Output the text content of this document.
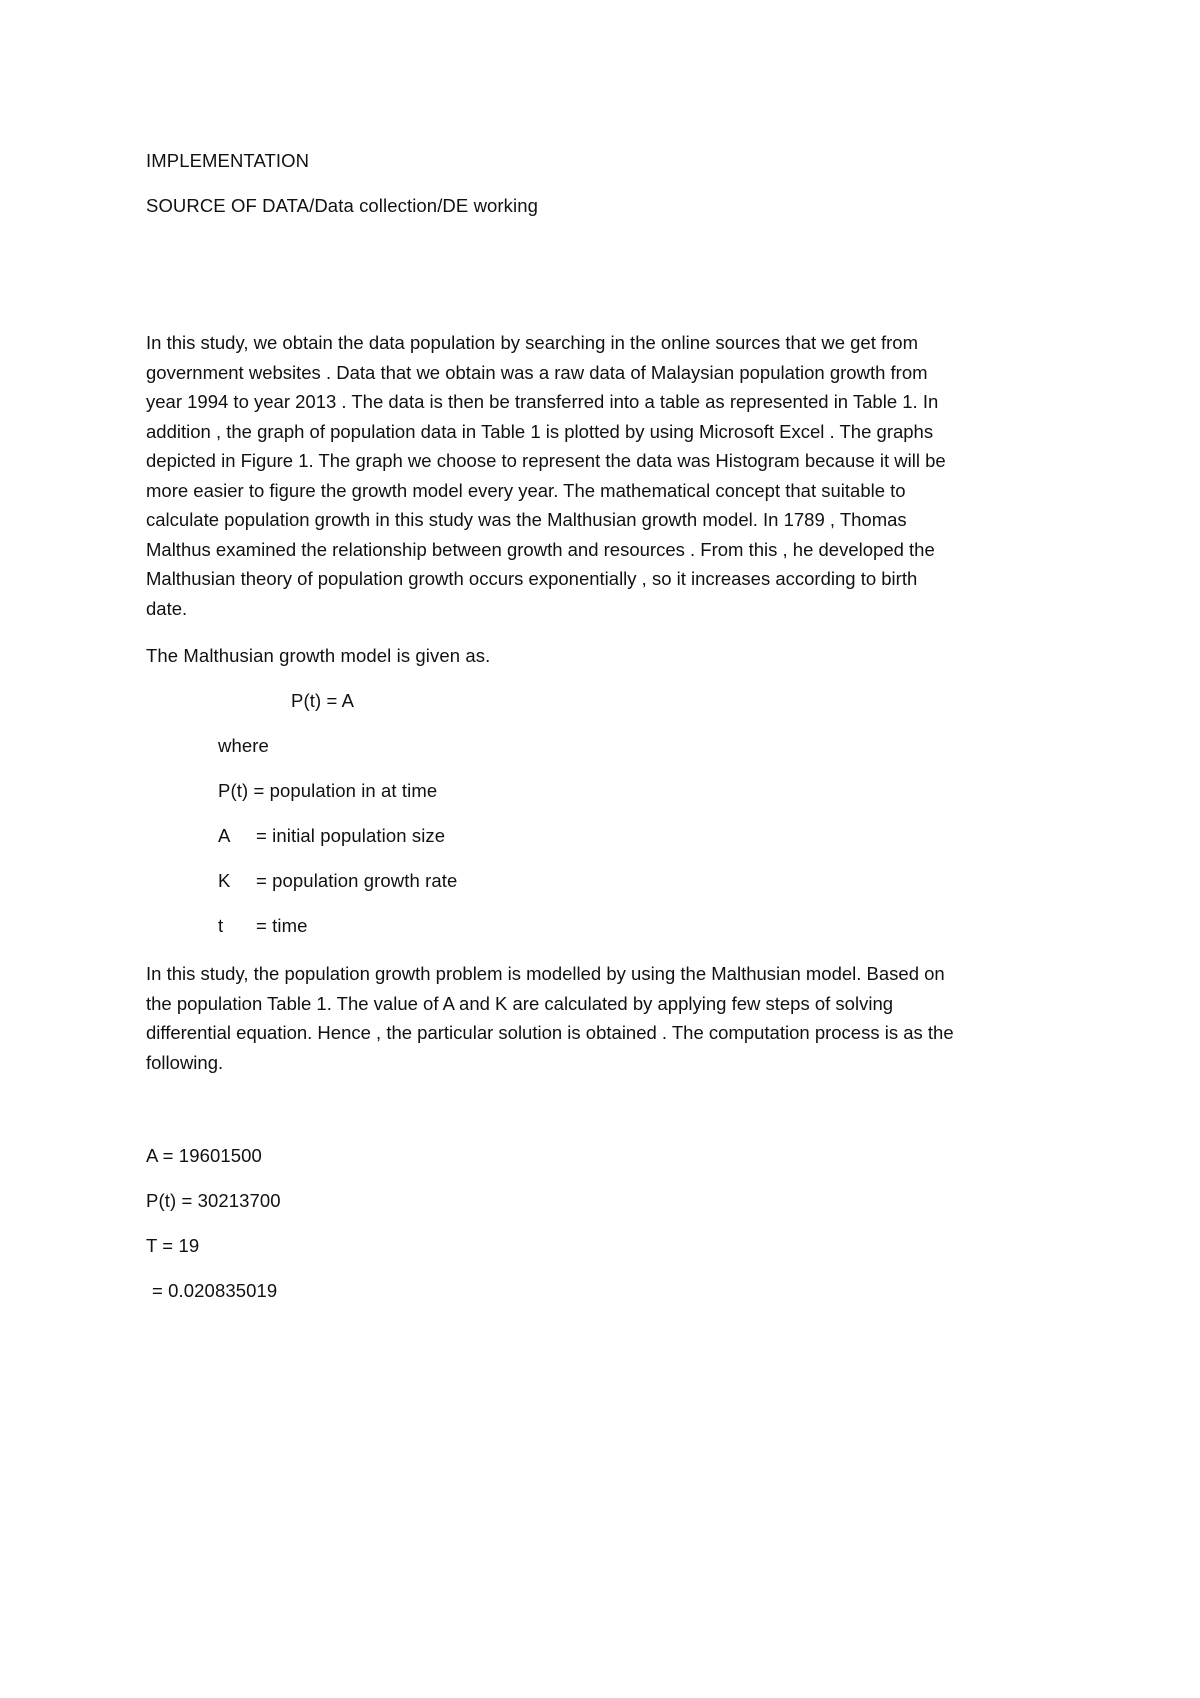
IMPLEMENTATION
SOURCE OF DATA/Data collection/DE working
In this study, we obtain the data population by searching in the online sources that we get from
government websites . Data that we obtain was a raw data of Malaysian population growth from
year 1994 to year 2013 . The data is then be transferred into a table as represented in Table 1. In
addition , the graph of population data in Table 1 is plotted by using Microsoft Excel . The graphs
depicted in Figure 1. The graph we choose to represent the data was Histogram because it will be
more easier to figure the growth model every year. The mathematical concept that suitable to
calculate population growth in this study was the Malthusian growth model. In 1789 , Thomas
Malthus examined the relationship between growth and resources . From this , he developed the
Malthusian theory of population growth occurs exponentially , so it increases according to birth
date.
The Malthusian growth model is given as.
P(t) = A
where
P(t) = population in at time
A = initial population size
K = population growth rate
t = time
In this study, the population growth problem is modelled by using the Malthusian model. Based on
the population Table 1. The value of A and K are calculated by applying few steps of solving
differential equation. Hence , the particular solution is obtained . The computation process is as the
following.
A = 19601500
P(t) = 30213700
T = 19
= 0.020835019
